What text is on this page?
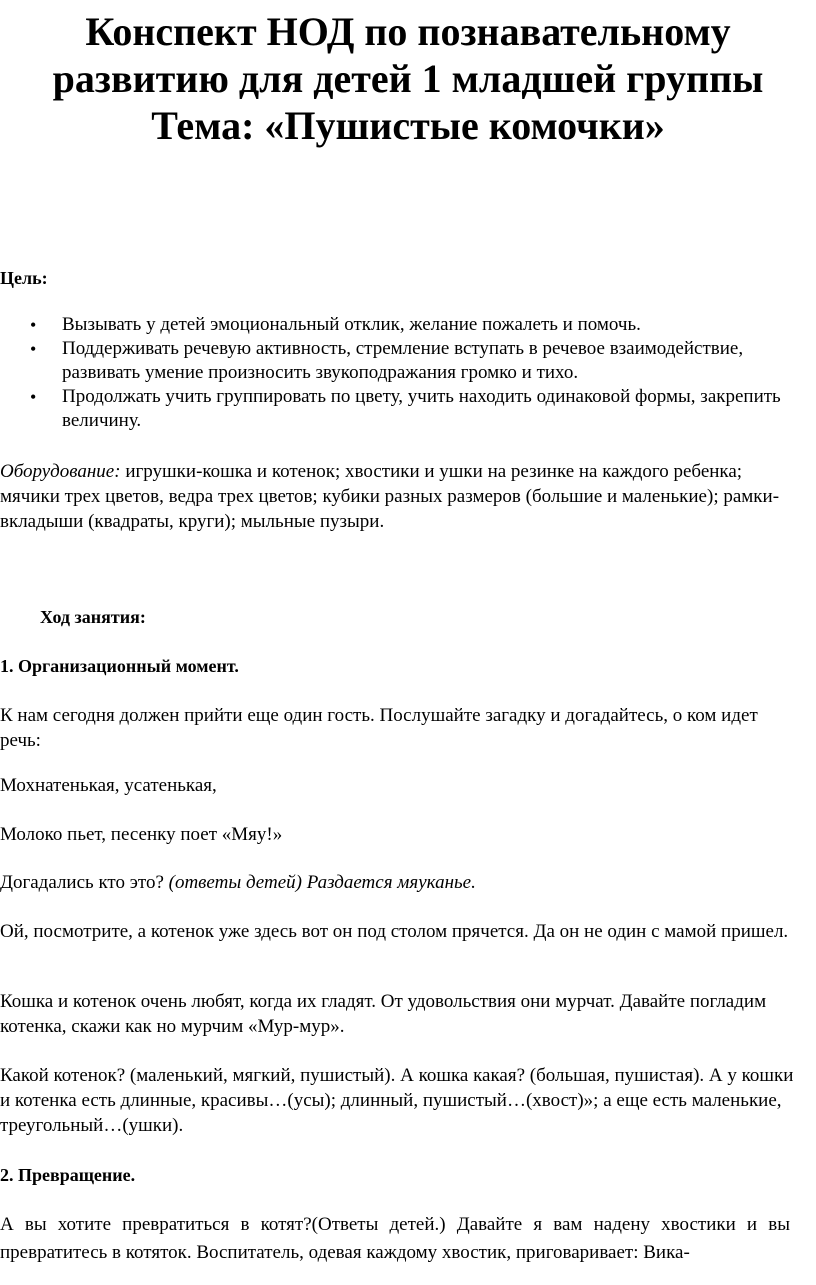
Конспект НОД по познавательному
развитию для детей 1 младшей группы
Тема: «Пушистые комочки»

Цель:

• Вызывать у детей эмоциональный отклик, желание пожалеть и помочь.
• Поддерживать речевую активность, стремление вступать в речевое взаимодействие, развивать умение произносить звукоподражания громко и тихо.
• Продолжать учить группировать по цвету, учить находить одинаковой формы, закрепить величину.

Оборудование: игрушки-кошка и котенок; хвостики и ушки на резинке на каждого ребенка; мячики трех цветов, ведра трех цветов; кубики разных размеров (большие и маленькие); рамки-вкладыши (квадраты, круги); мыльные пузыри.

Ход занятия:

1. Организационный момент.

К нам сегодня должен прийти еще один гость. Послушайте загадку и догадайтесь, о ком идет речь:

Мохнатенькая, усатенькая,

Молоко пьет, песенку поет «Мяу!»

Догадались кто это? (ответы детей) Раздается мяуканье.

Ой, посмотрите, а котенок уже здесь вот он под столом прячется. Да он не один с мамой пришел.

Кошка и котенок очень любят, когда их гладят. От удовольствия они мурчат. Давайте погладим котенка, скажи как но мурчим «Мур-мур».

Какой котенок? (маленький, мягкий, пушистый). А кошка какая? (большая, пушистая). А у кошки и котенка есть длинные, красивы…(усы); длинный, пушистый…(хвост)»; а еще есть маленькие, треугольный…(ушки).

2. Превращение.

А вы хотите превратиться в котят?(Ответы детей.) Давайте я вам надену хвостики и вы превратитесь в котяток. Воспитатель, одевая каждому хвостик, приговаривает: Вика-
